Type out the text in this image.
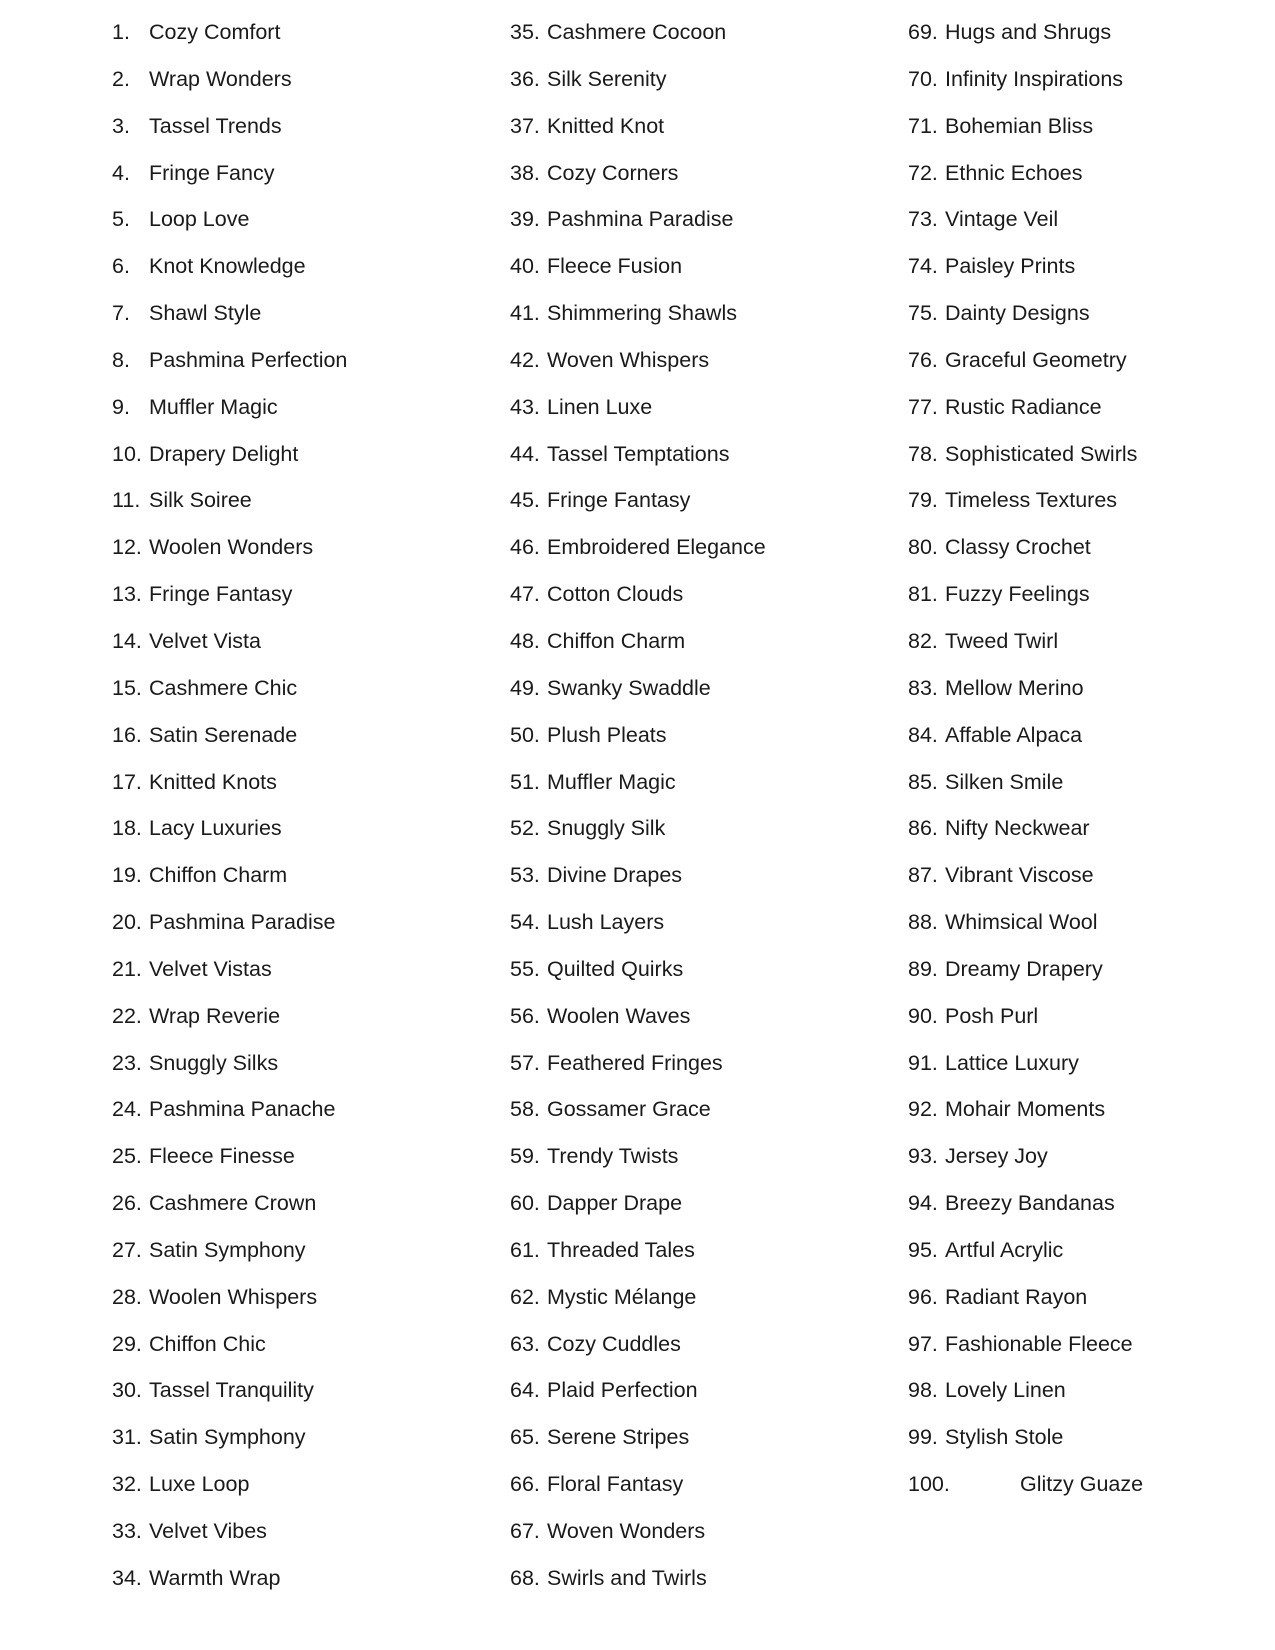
1. Cozy Comfort
2. Wrap Wonders
3. Tassel Trends
4. Fringe Fancy
5. Loop Love
6. Knot Knowledge
7. Shawl Style
8. Pashmina Perfection
9. Muffler Magic
10. Drapery Delight
11. Silk Soiree
12. Woolen Wonders
13. Fringe Fantasy
14. Velvet Vista
15. Cashmere Chic
16. Satin Serenade
17. Knitted Knots
18. Lacy Luxuries
19. Chiffon Charm
20. Pashmina Paradise
21. Velvet Vistas
22. Wrap Reverie
23. Snuggly Silks
24. Pashmina Panache
25. Fleece Finesse
26. Cashmere Crown
27. Satin Symphony
28. Woolen Whispers
29. Chiffon Chic
30. Tassel Tranquility
31. Satin Symphony
32. Luxe Loop
33. Velvet Vibes
34. Warmth Wrap
35. Cashmere Cocoon
36. Silk Serenity
37. Knitted Knot
38. Cozy Corners
39. Pashmina Paradise
40. Fleece Fusion
41. Shimmering Shawls
42. Woven Whispers
43. Linen Luxe
44. Tassel Temptations
45. Fringe Fantasy
46. Embroidered Elegance
47. Cotton Clouds
48. Chiffon Charm
49. Swanky Swaddle
50. Plush Pleats
51. Muffler Magic
52. Snuggly Silk
53. Divine Drapes
54. Lush Layers
55. Quilted Quirks
56. Woolen Waves
57. Feathered Fringes
58. Gossamer Grace
59. Trendy Twists
60. Dapper Drape
61. Threaded Tales
62. Mystic Mélange
63. Cozy Cuddles
64. Plaid Perfection
65. Serene Stripes
66. Floral Fantasy
67. Woven Wonders
68. Swirls and Twirls
69. Hugs and Shrugs
70. Infinity Inspirations
71. Bohemian Bliss
72. Ethnic Echoes
73. Vintage Veil
74. Paisley Prints
75. Dainty Designs
76. Graceful Geometry
77. Rustic Radiance
78. Sophisticated Swirls
79. Timeless Textures
80. Classy Crochet
81. Fuzzy Feelings
82. Tweed Twirl
83. Mellow Merino
84. Affable Alpaca
85. Silken Smile
86. Nifty Neckwear
87. Vibrant Viscose
88. Whimsical Wool
89. Dreamy Drapery
90. Posh Purl
91. Lattice Luxury
92. Mohair Moments
93. Jersey Joy
94. Breezy Bandanas
95. Artful Acrylic
96. Radiant Rayon
97. Fashionable Fleece
98. Lovely Linen
99. Stylish Stole
100.	Glitzy Guaze
